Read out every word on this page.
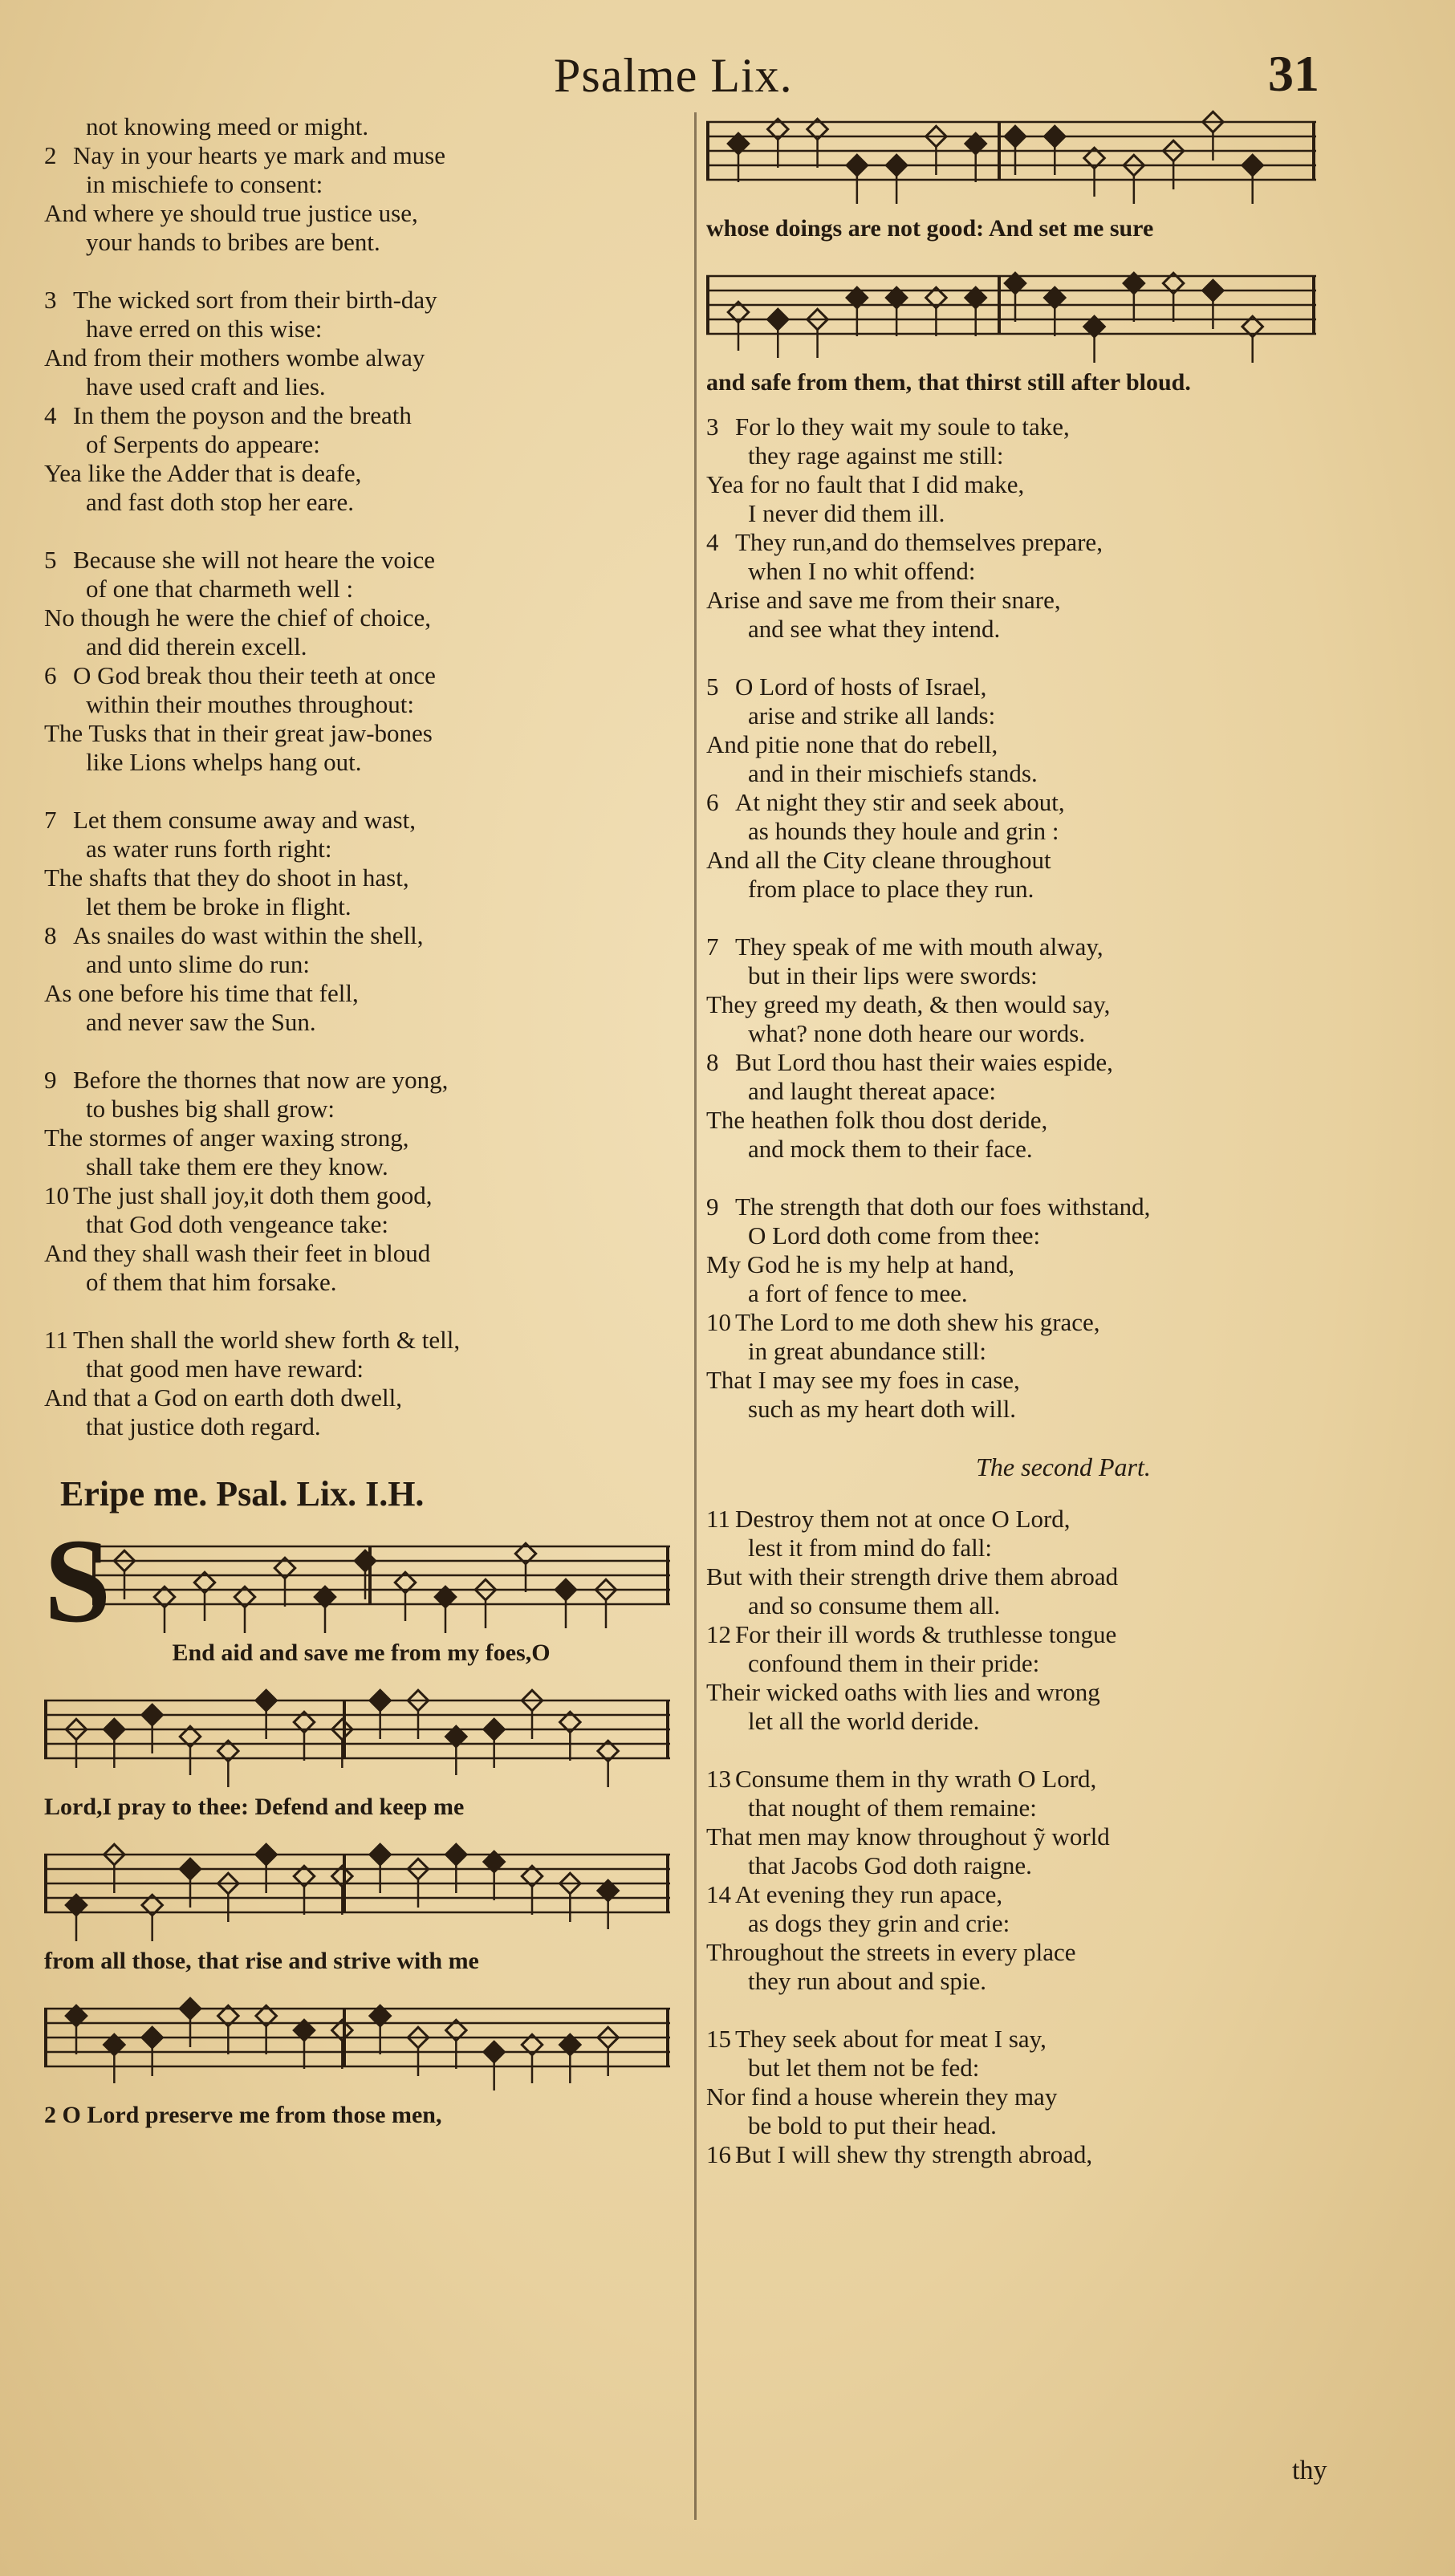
Psalme Lix.	31
not knowing meed or might.
2 Nay in your hearts ye mark and muse
in mischiefe to consent:
And where ye should true justice use,
your hands to bribes are bent.
3 The wicked sort from their birth-day
have erred on this wise:
And from their mothers wombe alway
have used craft and lies.
4 In them the poyson and the breath
of Serpents do appeare:
Yea like the Adder that is deafe,
and fast doth stop her eare.
5 Because she will not heare the voice
of one that charmeth well :
No though he were the chief of choice,
and did therein excell.
6 O God break thou their teeth at once
within their mouthes throughout:
The Tusks that in their great jaw-bones
like Lions whelps hang out.
7 Let them consume away and wast,
as water runs forth right:
The shafts that they do shoot in hast,
let them be broke in flight.
8 As snailes do wast within the shell,
and unto slime do run:
As one before his time that fell,
and never saw the Sun.
9 Before the thornes that now are yong,
to bushes big shall grow:
The stormes of anger waxing strong,
shall take them ere they know.
10 The just shall joy,it doth them good,
that God doth vengeance take:
And they shall wash their feet in bloud
of them that him forsake.
11 Then shall the world shew forth & tell,
that good men have reward:
And that a God on earth doth dwell,
that justice doth regard.
Eripe me. Psal. Lix. I.H.
S
End aid and save me from my foes,O
Lord,I pray to thee: Defend and keep me
from all those, that rise and strive with me
2 O Lord preserve me from those men,
whose doings are not good: And set me sure
and safe from them, that thirst still after bloud.
3 For lo they wait my soule to take,
they rage against me still:
Yea for no fault that I did make,
I never did them ill.
4 They run,and do themselves prepare,
when I no whit offend:
Arise and save me from their snare,
and see what they intend.
5 O Lord of hosts of Israel,
arise and strike all lands:
And pitie none that do rebell,
and in their mischiefs stands.
6 At night they stir and seek about,
as hounds they houle and grin :
And all the City cleane throughout
from place to place they run.
7 They speak of me with mouth alway,
but in their lips were swords:
They greed my death, & then would say,
what? none doth heare our words.
8 But Lord thou hast their waies espide,
and laught thereat apace:
The heathen folk thou dost deride,
and mock them to their face.
9 The strength that doth our foes withstand,
O Lord doth come from thee:
My God he is my help at hand,
a fort of fence to mee.
10 The Lord to me doth shew his grace,
in great abundance still:
That I may see my foes in case,
such as my heart doth will.
The second Part.
11 Destroy them not at once O Lord,
lest it from mind do fall:
But with their strength drive them abroad
and so consume them all.
12 For their ill words & truthlesse tongue
confound them in their pride:
Their wicked oaths with lies and wrong
let all the world deride.
13 Consume them in thy wrath O Lord,
that nought of them remaine:
That men may know throughout ỹ world
that Jacobs God doth raigne.
14 At evening they run apace,
as dogs they grin and crie:
Throughout the streets in every place
they run about and spie.
15 They seek about for meat I say,
but let them not be fed:
Nor find a house wherein they may
be bold to put their head.
16 But I will shew thy strength abroad,
thy
